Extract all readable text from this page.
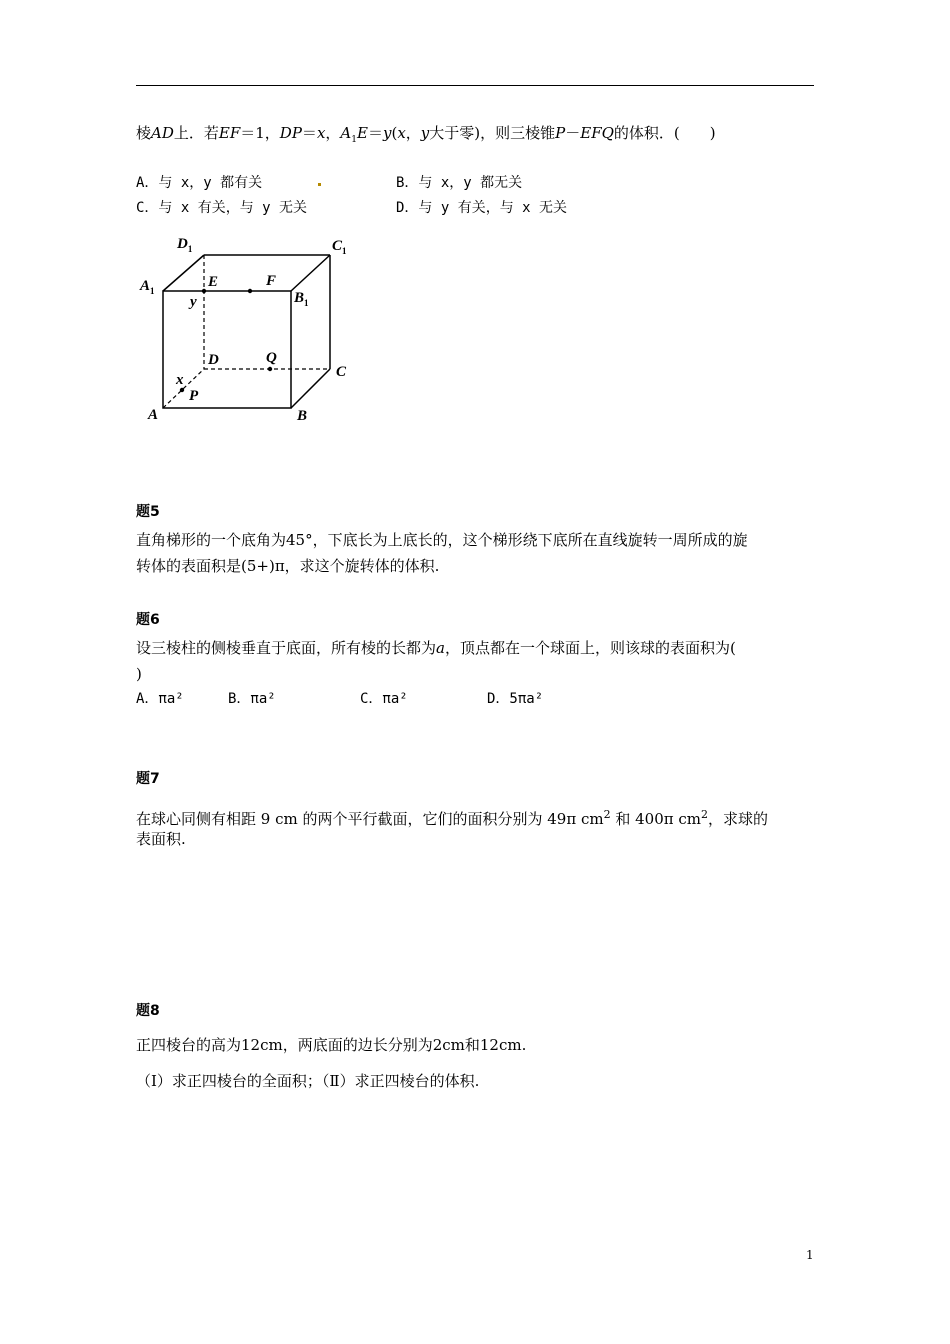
棱AD上．若EF＝1，DP＝x，$A_1E=y(x$，y大于零)，则三棱锥P－EFQ的体积．(　　)
A．与 x，y 都有关	B．与 x，y 都无关
C．与 x 有关，与 y 无关	D．与 y 有关，与 x 无关
$D_1$	$C_1$
$A_1$	$B_1$
E	F
y
D	Q
C
x
P
A	B
题5
直角梯形的一个底角为45°，下底长为上底长的，这个梯形绕下底所在直线旋转一周所成的旋
转体的表面积是(5+)π，求这个旋转体的体积.
题6
设三棱柱的侧棱垂直于底面，所有棱的长都为a，顶点都在一个球面上，则该球的表面积为(
)
A．πa²	B．πa²	C．πa²	D．5πa²
题7
在球心同侧有相距 9 cm 的两个平行截面，它们的面积分别为 49π $cm^2$ 和 400π $cm^2$，求球的
表面积.
题8
正四棱台的高为12cm，两底面的边长分别为2cm和12cm.
（Ⅰ）求正四棱台的全面积；（Ⅱ）求正四棱台的体积.
1
